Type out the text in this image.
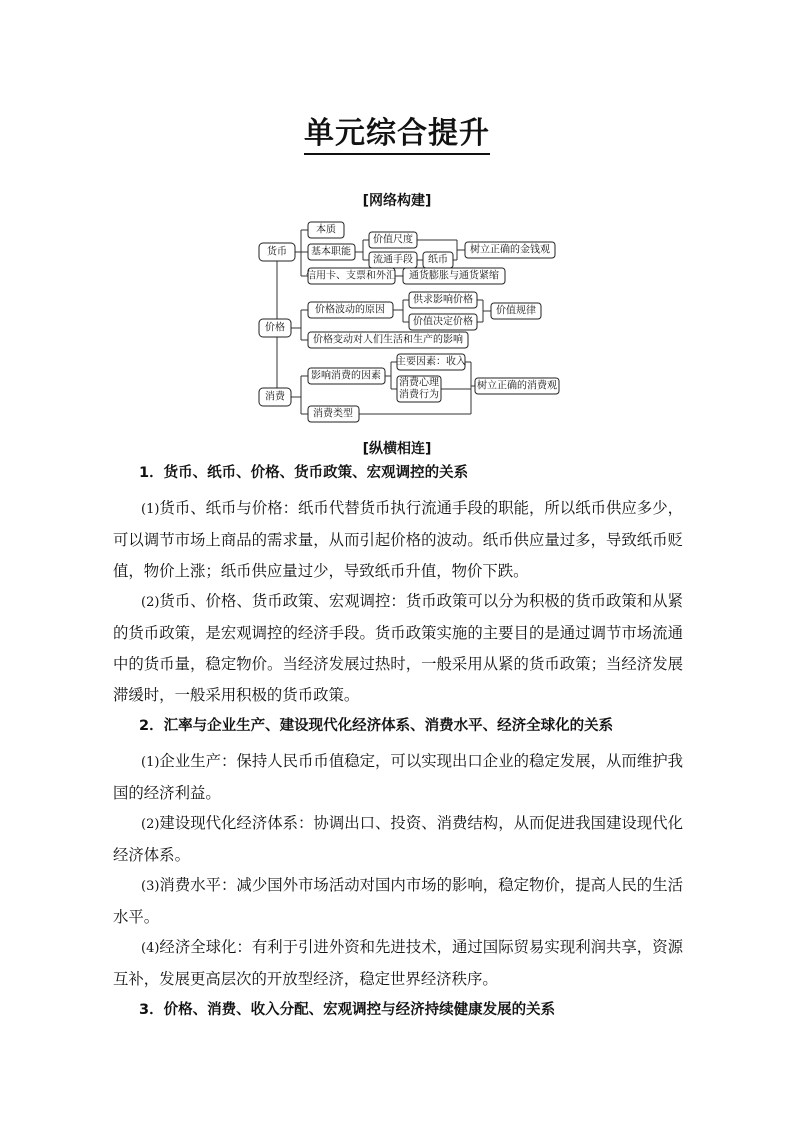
单元综合提升
[网络构建]
货币
本质
基本职能
价值尺度
流通手段 纸币
树立正确的金钱观
信用卡、支票和外汇 通货膨胀与通货紧缩
价格
价格波动的原因
供求影响价格
价值决定价格
价值规律
价格变动对人们生活和生产的影响
消费
影响消费的因素
主要因素：收入
消费心理
消费行为
树立正确的消费观
消费类型
[纵横相连]
1．货币、纸币、价格、货币政策、宏观调控的关系

(1)货币、纸币与价格：纸币代替货币执行流通手段的职能，所以纸币供应多少，可以调节市场上商品的需求量，从而引起价格的波动。纸币供应量过多，导致纸币贬值，物价上涨；纸币供应量过少，导致纸币升值，物价下跌。

(2)货币、价格、货币政策、宏观调控：货币政策可以分为积极的货币政策和从紧的货币政策，是宏观调控的经济手段。货币政策实施的主要目的是通过调节市场流通中的货币量，稳定物价。当经济发展过热时，一般采用从紧的货币政策；当经济发展滞缓时，一般采用积极的货币政策。

2．汇率与企业生产、建设现代化经济体系、消费水平、经济全球化的关系

(1)企业生产：保持人民币币值稳定，可以实现出口企业的稳定发展，从而维护我国的经济利益。

(2)建设现代化经济体系：协调出口、投资、消费结构，从而促进我国建设现代化经济体系。

(3)消费水平：减少国外市场活动对国内市场的影响，稳定物价，提高人民的生活水平。

(4)经济全球化：有利于引进外资和先进技术，通过国际贸易实现利润共享，资源互补，发展更高层次的开放型经济，稳定世界经济秩序。

3．价格、消费、收入分配、宏观调控与经济持续健康发展的关系
